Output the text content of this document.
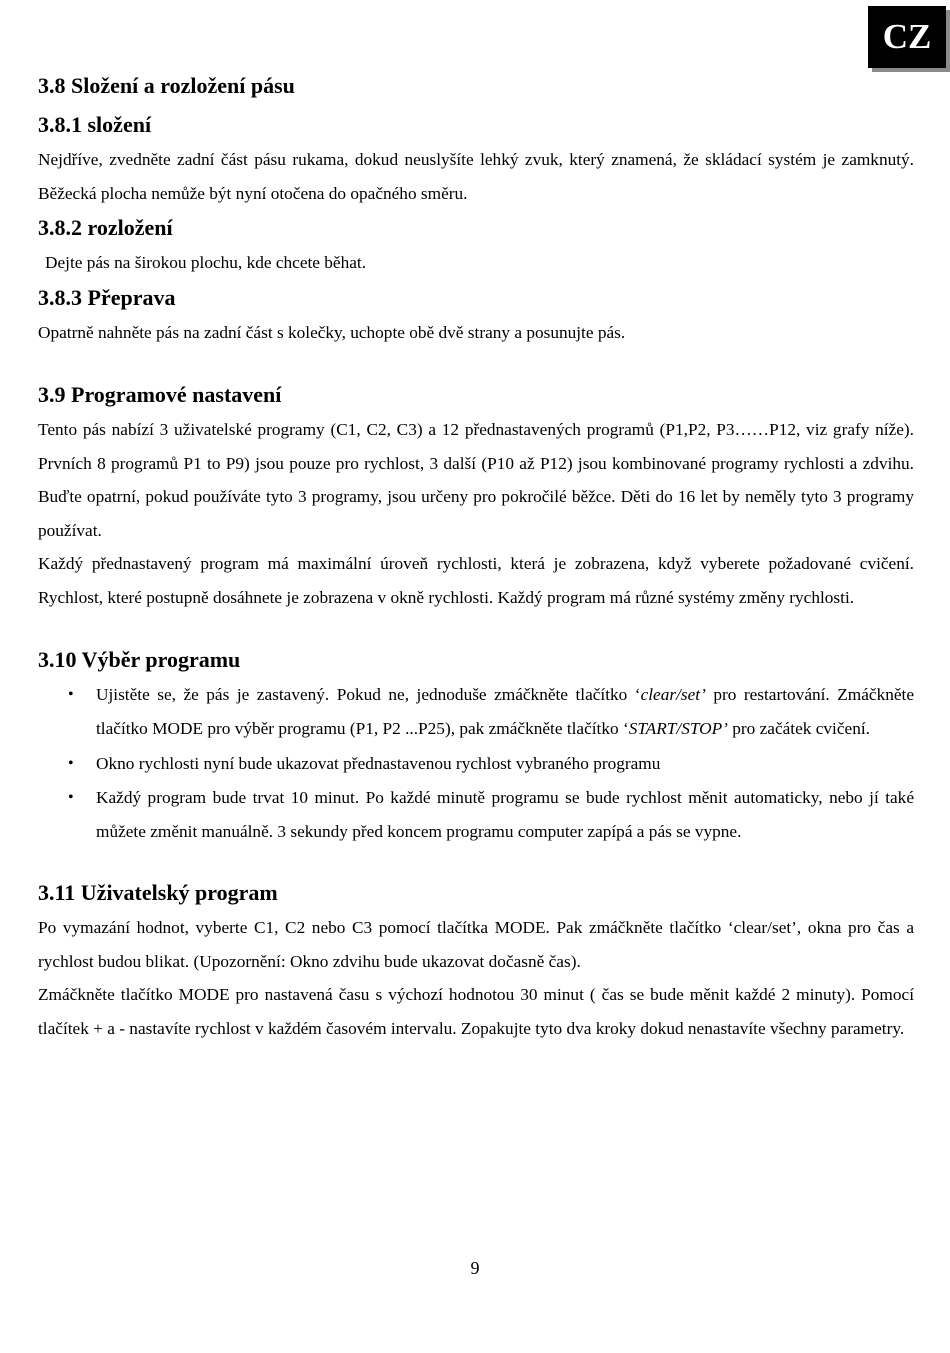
CZ
3.8 Složení a rozložení pásu
3.8.1 složení

Nejdříve, zvedněte zadní část pásu rukama, dokud neuslyšíte lehký zvuk, který znamená, že skládací systém je zamknutý. Běžecká plocha nemůže být nyní otočena do opačného směru.

3.8.2 rozložení

Dejte pás na širokou plochu, kde chcete běhat.

3.8.3 Přeprava

Opatrně nahněte pás na zadní část s kolečky, uchopte obě dvě strany a posunujte pás.

3.9 Programové nastavení

Tento pás nabízí 3 uživatelské programy (C1, C2, C3) a 12 přednastavených programů (P1,P2, P3……P12, viz grafy níže). Prvních 8 programů P1 to P9) jsou pouze pro rychlost, 3 další (P10 až P12) jsou kombinované programy rychlosti a zdvihu. Buďte opatrní, pokud používáte tyto 3 programy, jsou určeny pro pokročilé běžce. Děti do 16 let by neměly tyto 3 programy používat.

Každý přednastavený program má maximální úroveň rychlosti, která je zobrazena, když vyberete požadované cvičení. Rychlost, které postupně dosáhnete je zobrazena v okně rychlosti. Každý program má různé systémy změny rychlosti.

3.10 Výběr programu
• Ujistěte se, že pás je zastavený. Pokud ne, jednoduše zmáčkněte tlačítko ‘clear/set’ pro restartování. Zmáčkněte tlačítko MODE pro výběr programu (P1, P2 ...P25), pak zmáčkněte tlačítko ‘START/STOP’ pro začátek cvičení.
• Okno rychlosti nyní bude ukazovat přednastavenou rychlost vybraného programu
• Každý program bude trvat 10 minut. Po každé minutě programu se bude rychlost měnit automaticky, nebo jí také můžete změnit manuálně. 3 sekundy před koncem programu computer zapípá a pás se vypne.
3.11 Uživatelský program

Po vymazání hodnot, vyberte C1, C2 nebo C3 pomocí tlačítka MODE. Pak zmáčkněte tlačítko ‘clear/set’, okna pro čas a rychlost budou blikat. (Upozornění: Okno zdvihu bude ukazovat dočasně čas).

Zmáčkněte tlačítko MODE pro nastavená času s výchozí hodnotou 30 minut ( čas se bude měnit každé 2 minuty). Pomocí tlačítek + a - nastavíte rychlost v každém časovém intervalu. Zopakujte tyto dva kroky dokud nenastavíte všechny parametry.

9
